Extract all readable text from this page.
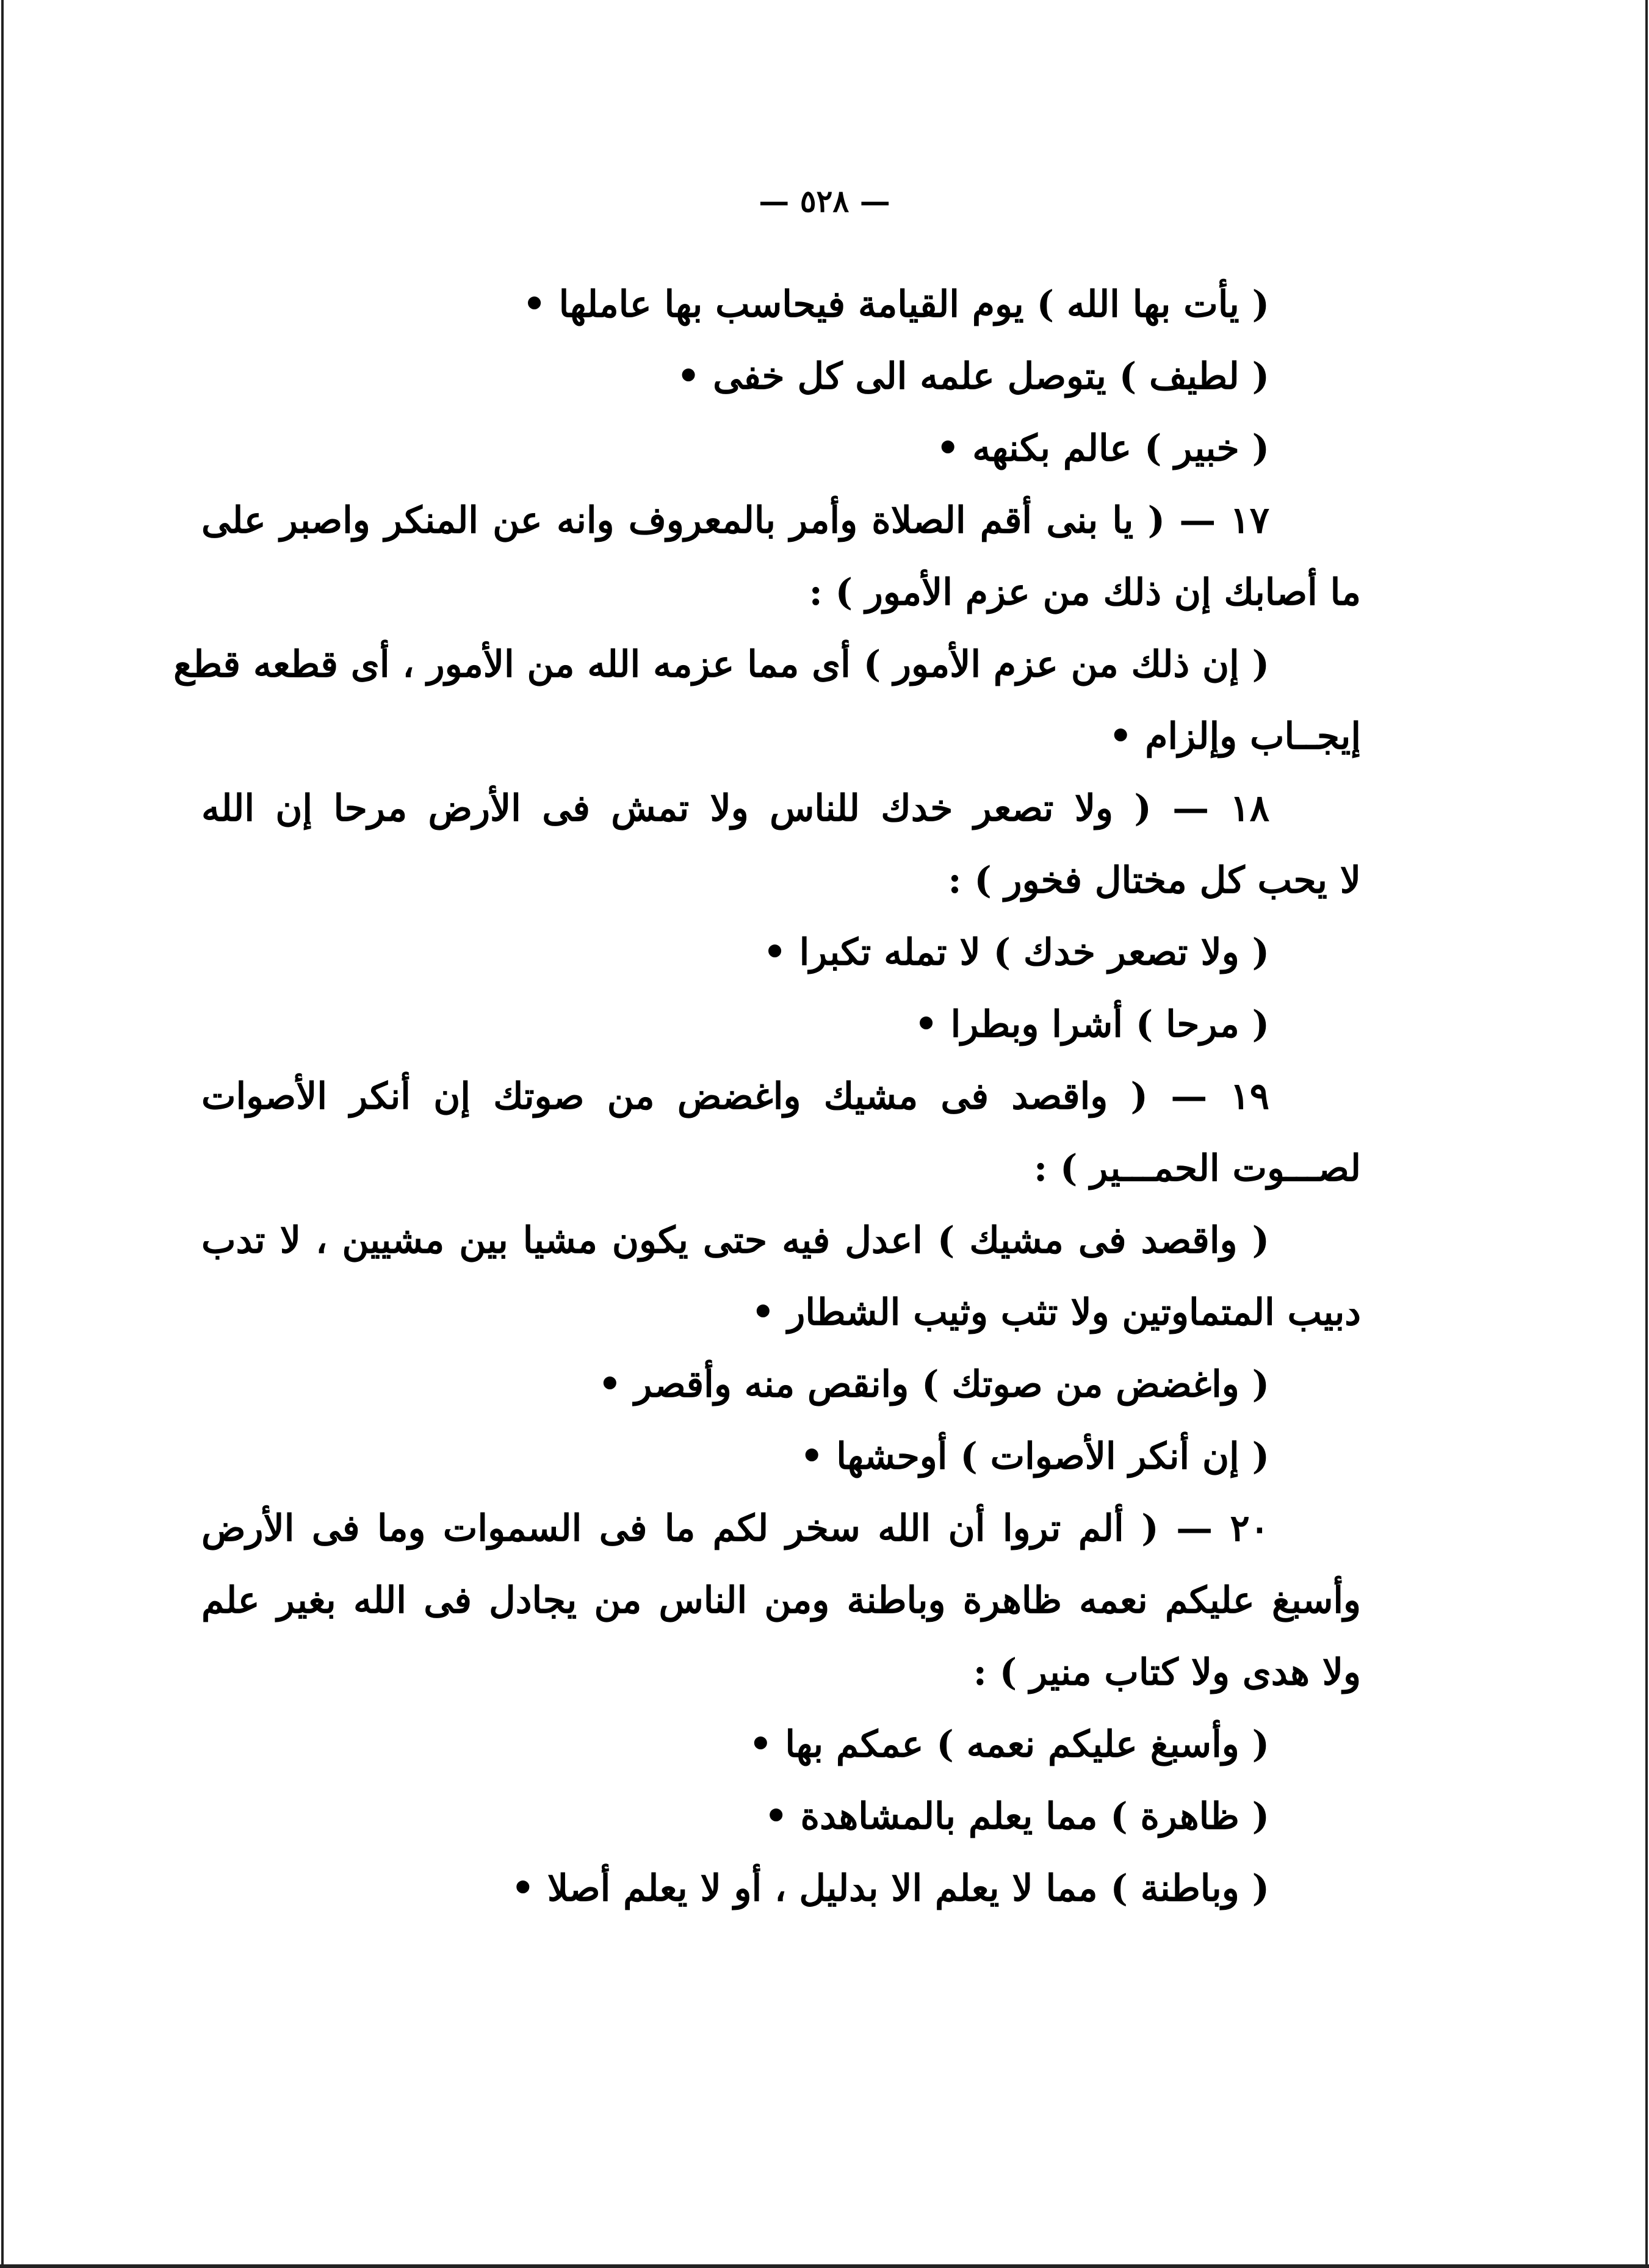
— ٥٢٨ —
( يأت بها الله ) يوم القيامة فيحاسب بها عاملها •
( لطيف ) يتوصل علمه الى كل خفى •
( خبير ) عالم بكنهه •
١٧ — ( يا بنى أقم الصلاة وأمر بالمعروف وانه عن المنكر واصبر على
ما أصابك إن ذلك من عزم الأمور ) :
( إن ذلك من عزم الأمور ) أى مما عزمه الله من الأمور ، أى قطعه قطع
إيجــاب وإلزام •
١٨ — ( ولا تصعر خدك للناس ولا تمش فى الأرض مرحا إن الله
لا يحب كل مختال فخور ) :
( ولا تصعر خدك ) لا تمله تكبرا •
( مرحا ) أشرا وبطرا •
١٩ — ( واقصد فى مشيك واغضض من صوتك إن أنكر الأصوات
لصـــوت الحمـــير ) :
( واقصد فى مشيك ) اعدل فيه حتى يكون مشيا بين مشيين ، لا تدب
دبيب المتماوتين ولا تثب وثيب الشطار •
( واغضض من صوتك ) وانقص منه وأقصر •
( إن أنكر الأصوات ) أوحشها •
٢٠ — ( ألم تروا أن الله سخر لكم ما فى السموات وما فى الأرض
وأسبغ عليكم نعمه ظاهرة وباطنة ومن الناس من يجادل فى الله بغير علم
ولا هدى ولا كتاب منير ) :
( وأسبغ عليكم نعمه ) عمكم بها •
( ظاهرة ) مما يعلم بالمشاهدة •
( وباطنة ) مما لا يعلم الا بدليل ، أو لا يعلم أصلا •
